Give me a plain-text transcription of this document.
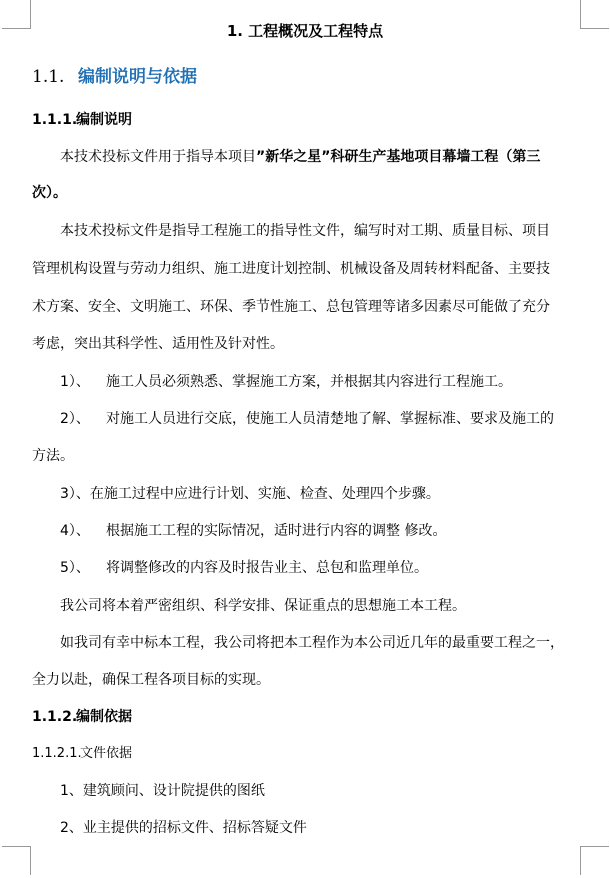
1. 工程概况及工程特点
1.1. 编制说明与依据
1.1.1.编制说明
本技术投标文件用于指导本项目”新华之星”科研生产基地项目幕墙工程（第三
次）。
本技术投标文件是指导工程施工的指导性文件，编写时对工期、质量目标、项目
管理机构设置与劳动力组织、施工进度计划控制、机械设备及周转材料配备、主要技
术方案、安全、文明施工、环保、季节性施工、总包管理等诸多因素尽可能做了充分
考虑，突出其科学性、适用性及针对性。
1）、 施工人员必须熟悉、掌握施工方案，并根据其内容进行工程施工。
2）、 对施工人员进行交底，使施工人员清楚地了解、掌握标准、要求及施工的
方法。
3）、在施工过程中应进行计划、实施、检查、处理四个步骤。
4）、 根据施工工程的实际情况，适时进行内容的调整 修改。
5）、 将调整修改的内容及时报告业主、总包和监理单位。
我公司将本着严密组织、科学安排、保证重点的思想施工本工程。
如我司有幸中标本工程，我公司将把本工程作为本公司近几年的最重要工程之一，
全力以赴，确保工程各项目标的实现。
1.1.2.编制依据
1.1.2.1.文件依据
1、建筑顾问、设计院提供的图纸
2、业主提供的招标文件、招标答疑文件
